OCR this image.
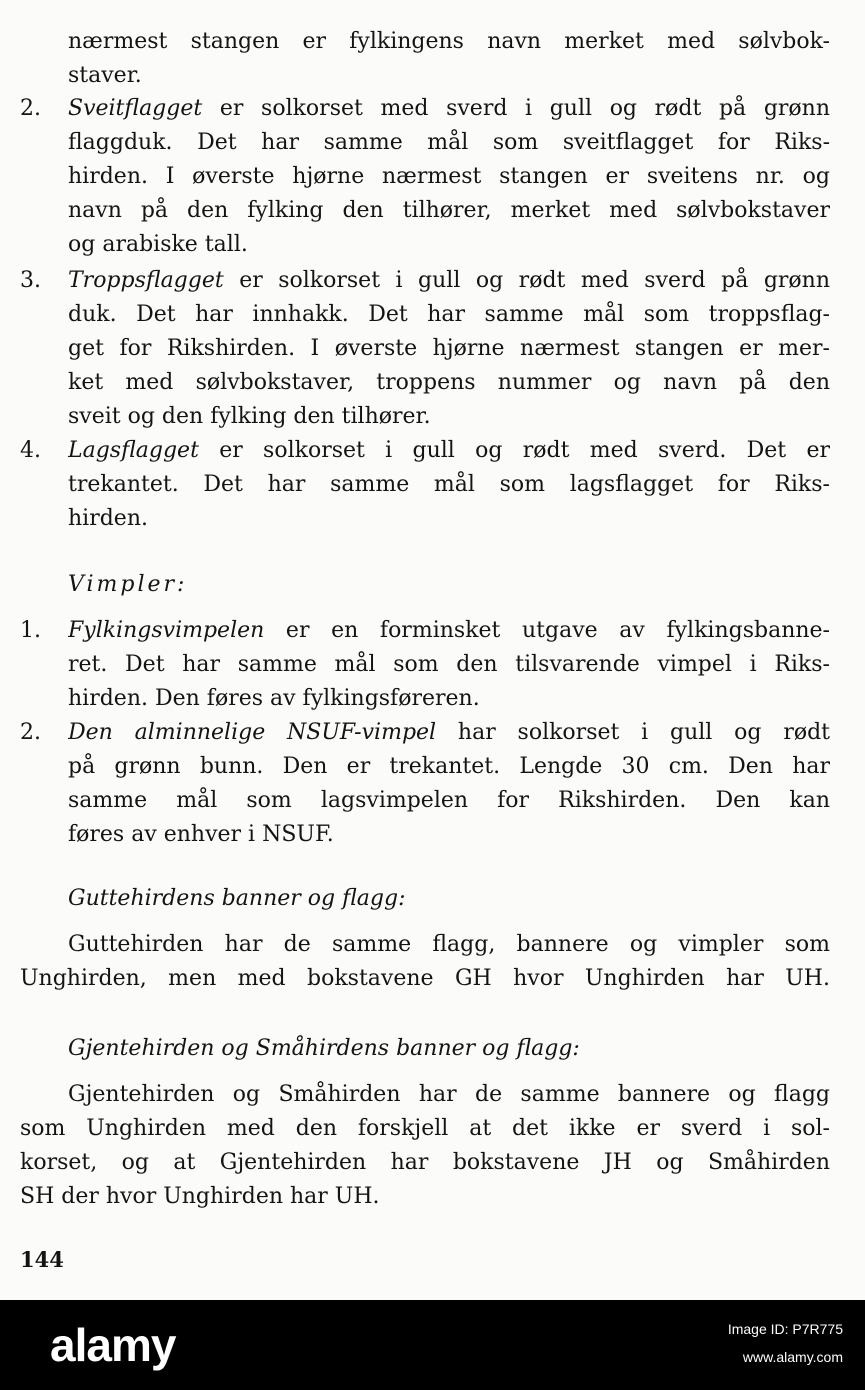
nærmest stangen er fylkingens navn merket med sølvbok-
staver.
2. Sveitflagget er solkorset med sverd i gull og rødt på grønn
flaggduk. Det har samme mål som sveitflagget for Riks-
hirden. I øverste hjørne nærmest stangen er sveitens nr. og
navn på den fylking den tilhører, merket med sølvbokstaver
og arabiske tall.
3. Troppsflagget er solkorset i gull og rødt med sverd på grønn
duk. Det har innhakk. Det har samme mål som troppsflag-
get for Rikshirden. I øverste hjørne nærmest stangen er mer-
ket med sølvbokstaver, troppens nummer og navn på den
sveit og den fylking den tilhører.
4. Lagsflagget er solkorset i gull og rødt med sverd. Det er
trekantet. Det har samme mål som lagsflagget for Riks-
hirden.
Vimpler:
1. Fylkingsvimpelen er en forminsket utgave av fylkingsbanne-
ret. Det har samme mål som den tilsvarende vimpel i Riks-
hirden. Den føres av fylkingsføreren.
2. Den alminnelige NSUF-vimpel har solkorset i gull og rødt
på grønn bunn. Den er trekantet. Lengde 30 cm. Den har
samme mål som lagsvimpelen for Rikshirden. Den kan
føres av enhver i NSUF.
Guttehirdens banner og flagg:
Guttehirden har de samme flagg, bannere og vimpler som
Unghirden, men med bokstavene GH hvor Unghirden har UH.
Gjentehirden og Småhirdens banner og flagg:
Gjentehirden og Småhirden har de samme bannere og flagg
som Unghirden med den forskjell at det ikke er sverd i sol-
korset, og at Gjentehirden har bokstavene JH og Småhirden
SH der hvor Unghirden har UH.
144
alamy	Image ID: P7R775
www.alamy.com
